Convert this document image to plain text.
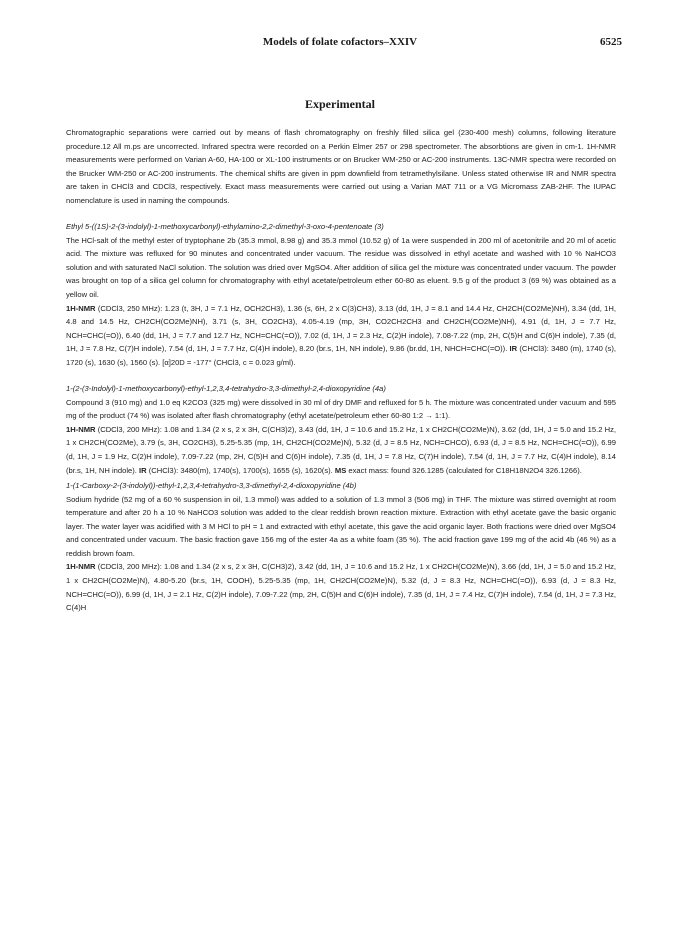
Models of folate cofactors–XXIV	6525
Experimental

Chromatographic separations were carried out by means of flash chromatography on freshly filled silica gel (230-400 mesh) columns, following literature procedure.12 All m.ps are uncorrected. Infrared spectra were recorded on a Perkin Elmer 257 or 298 spectrometer. The absorbtions are given in cm-1. 1H-NMR measurements were performed on Varian A-60, HA-100 or XL-100 instruments or on Brucker WM-250 or AC-200 instruments. 13C-NMR spectra were recorded on the Brucker WM-250 or AC-200 instruments. The chemical shifts are given in ppm downfield from tetramethylsilane. Unless stated otherwise IR and NMR spectra are taken in CHCl3 and CDCl3, respectively. Exact mass measurements were carried out using a Varian MAT 711 or a VG Micromass ZAB-2HF. The IUPAC nomenclature is used in naming the compounds.

Ethyl 5-((1S)-2-(3-indolyl)-1-methoxycarbonyl)-ethylamino-2,2-dimethyl-3-oxo-4-pentenoate (3)

The HCl-salt of the methyl ester of tryptophane 2b (35.3 mmol, 8.98 g) and 35.3 mmol (10.52 g) of 1a were suspended in 200 ml of acetonitrile and 20 ml of acetic acid. The mixture was refluxed for 90 minutes and concentrated under vacuum. The residue was dissolved in ethyl acetate and washed with 10 % NaHCO3 solution and with saturated NaCl solution. The solution was dried over MgSO4. After addition of silica gel the mixture was concentrated under vacuum. The powder was brought on top of a silica gel column for chromatography with ethyl acetate/petroleum ether 60-80 as eluent. 9.5 g of the product 3 (69 %) was obtained as a yellow oil.

1H-NMR (CDCl3, 250 MHz): 1.23 (t, 3H, J = 7.1 Hz, OCH2CH3), 1.36 (s, 6H, 2 x C(3)CH3), 3.13 (dd, 1H, J = 8.1 and 14.4 Hz, CH2CH(CO2Me)NH), 3.34 (dd, 1H, 4.8 and 14.5 Hz, CH2CH(CO2Me)NH), 3.71 (s, 3H, CO2CH3), 4.05-4.19 (mp, 3H, CO2CH2CH3 and CH2CH(CO2Me)NH), 4.91 (d, 1H, J = 7.7 Hz, NCH=CHC(=O)), 6.40 (dd, 1H, J = 7.7 and 12.7 Hz, NCH=CHC(=O)), 7.02 (d, 1H, J = 2.3 Hz, C(2)H indole), 7.08-7.22 (mp, 2H, C(5)H and C(6)H indole), 7.35 (d, 1H, J = 7.8 Hz, C(7)H indole), 7.54 (d, 1H, J = 7.7 Hz, C(4)H indole), 8.20 (br.s, 1H, NH indole), 9.86 (br.dd, 1H, NHCH=CHC(=O)). IR (CHCl3): 3480 (m), 1740 (s), 1720 (s), 1630 (s), 1560 (s). [α]20D = -177° (CHCl3, c = 0.023 g/ml).

1-(2-(3-Indolyl)-1-methoxycarbonyl)-ethyl-1,2,3,4-tetrahydro-3,3-dimethyl-2,4-dioxopyridine (4a)

Compound 3 (910 mg) and 1.0 eq K2CO3 (325 mg) were dissolved in 30 ml of dry DMF and refluxed for 5 h. The mixture was concentrated under vacuum and 595 mg of the product (74 %) was isolated after flash chromatography (ethyl acetate/petroleum ether 60-80 1:2 → 1:1).

1H-NMR (CDCl3, 200 MHz): 1.08 and 1.34 (2 x s, 2 x 3H, C(CH3)2), 3.43 (dd, 1H, J = 10.6 and 15.2 Hz, 1 x CH2CH(CO2Me)N), 3.62 (dd, 1H, J = 5.0 and 15.2 Hz, 1 x CH2CH(CO2Me), 3.79 (s, 3H, CO2CH3), 5.25-5.35 (mp, 1H, CH2CH(CO2Me)N), 5.32 (d, J = 8.5 Hz, NCH=CHCO), 6.93 (d, J = 8.5 Hz, NCH=CHC(=O)), 6.99 (d, 1H, J = 1.9 Hz, C(2)H indole), 7.09-7.22 (mp, 2H, C(5)H and C(6)H indole), 7.35 (d, 1H, J = 7.8 Hz, C(7)H indole), 7.54 (d, 1H, J = 7.7 Hz, C(4)H indole), 8.14 (br.s, 1H, NH indole). IR (CHCl3): 3480(m), 1740(s), 1700(s), 1655 (s), 1620(s). MS exact mass: found 326.1285 (calculated for C18H18N2O4 326.1266).

1-(1-Carboxy-2-(3-indolyl))-ethyl-1,2,3,4-tetrahydro-3,3-dimethyl-2,4-dioxopyridine (4b)

Sodium hydride (52 mg of a 60 % suspension in oil, 1.3 mmol) was added to a solution of 1.3 mmol 3 (506 mg) in THF. The mixture was stirred overnight at room temperature and after 20 h a 10 % NaHCO3 solution was added to the clear reddish brown reaction mixture. Extraction with ethyl acetate gave the basic organic layer. The water layer was acidified with 3 M HCl to pH = 1 and extracted with ethyl acetate, this gave the acid organic layer. Both fractions were dried over MgSO4 and concentrated under vacuum. The basic fraction gave 156 mg of the ester 4a as a white foam (35 %). The acid fraction gave 199 mg of the acid 4b (46 %) as a reddish brown foam.

1H-NMR (CDCl3, 200 MHz): 1.08 and 1.34 (2 x s, 2 x 3H, C(CH3)2), 3.42 (dd, 1H, J = 10.6 and 15.2 Hz, 1 x CH2CH(CO2Me)N), 3.66 (dd, 1H, J = 5.0 and 15.2 Hz, 1 x CH2CH(CO2Me)N), 4.80-5.20 (br.s, 1H, COOH), 5.25-5.35 (mp, 1H, CH2CH(CO2Me)N), 5.32 (d, J = 8.3 Hz, NCH=CHC(=O)), 6.93 (d, J = 8.3 Hz, NCH=CHC(=O)), 6.99 (d, 1H, J = 2.1 Hz, C(2)H indole), 7.09-7.22 (mp, 2H, C(5)H and C(6)H indole), 7.35 (d, 1H, J = 7.4 Hz, C(7)H indole), 7.54 (d, 1H, J = 7.3 Hz, C(4)H
